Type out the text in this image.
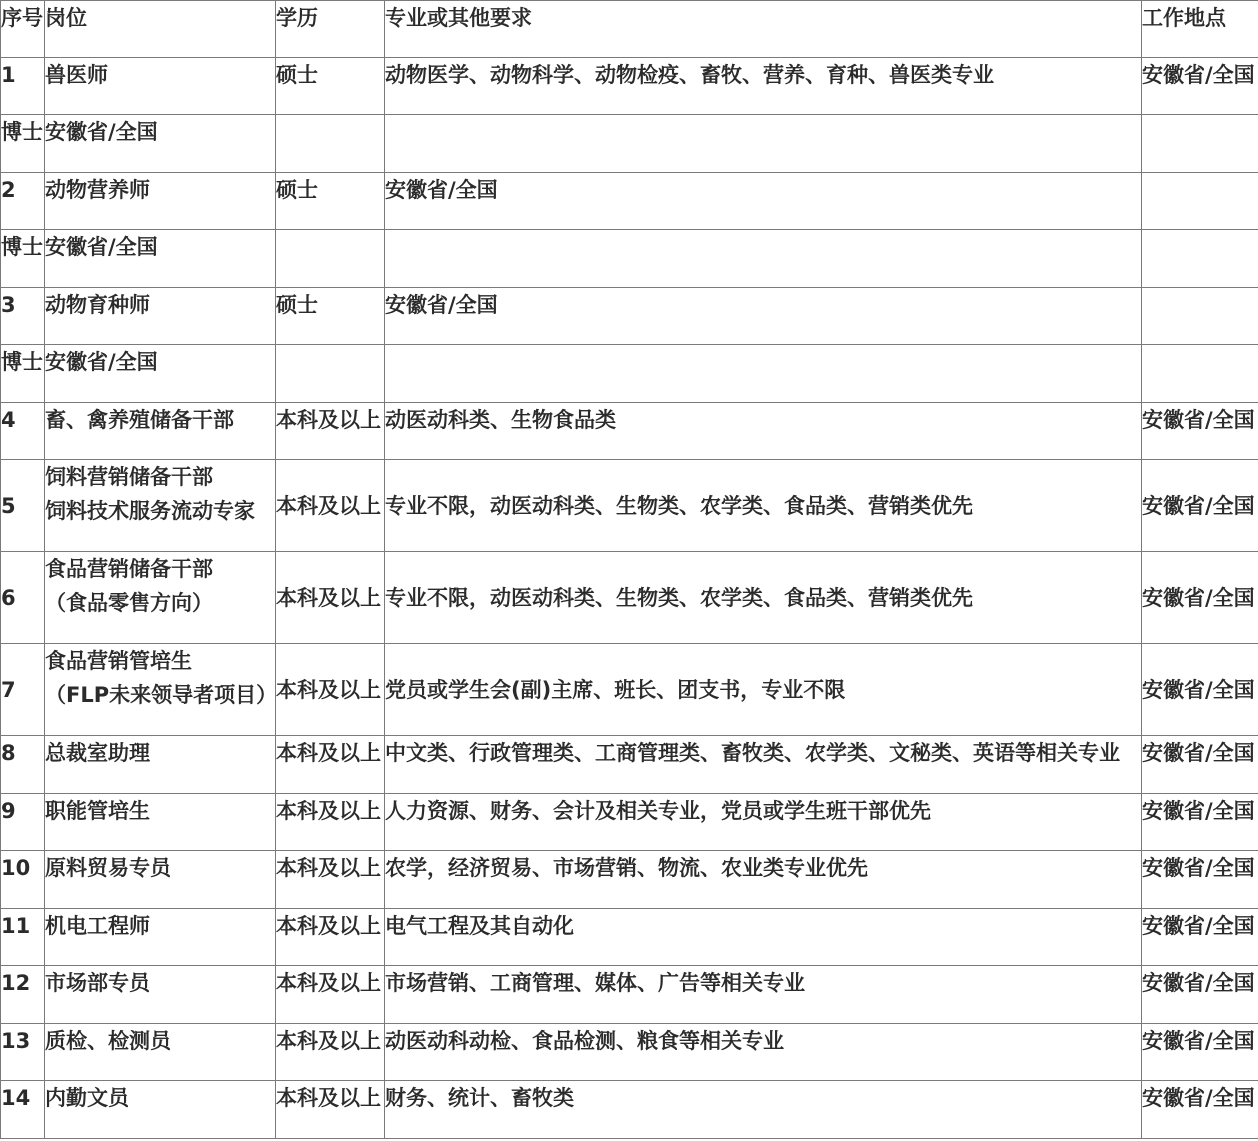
序号	岗位	学历	专业或其他要求	工作地点
1	兽医师	硕士	动物医学、动物科学、动物检疫、畜牧、营养、育种、兽医类专业	安徽省/全国
博士	安徽省/全国			
2	动物营养师	硕士	安徽省/全国	
博士	安徽省/全国			
3	动物育种师	硕士	安徽省/全国	
博士	安徽省/全国			
4	畜、禽养殖储备干部	本科及以上	动医动科类、生物食品类	安徽省/全国
5	饲料营销储备干部
饲料技术服务流动专家	本科及以上	专业不限，动医动科类、生物类、农学类、食品类、营销类优先	安徽省/全国
6	食品营销储备干部
（食品零售方向）	本科及以上	专业不限，动医动科类、生物类、农学类、食品类、营销类优先	安徽省/全国
7	食品营销管培生
（FLP未来领导者项目）	本科及以上	党员或学生会(副)主席、班长、团支书，专业不限	安徽省/全国
8	总裁室助理	本科及以上	中文类、行政管理类、工商管理类、畜牧类、农学类、文秘类、英语等相关专业	安徽省/全国
9	职能管培生	本科及以上	人力资源、财务、会计及相关专业，党员或学生班干部优先	安徽省/全国
10	原料贸易专员	本科及以上	农学，经济贸易、市场营销、物流、农业类专业优先	安徽省/全国
11	机电工程师	本科及以上	电气工程及其自动化	安徽省/全国
12	市场部专员	本科及以上	市场营销、工商管理、媒体、广告等相关专业	安徽省/全国
13	质检、检测员	本科及以上	动医动科动检、食品检测、粮食等相关专业	安徽省/全国
14	内勤文员	本科及以上	财务、统计、畜牧类	安徽省/全国
